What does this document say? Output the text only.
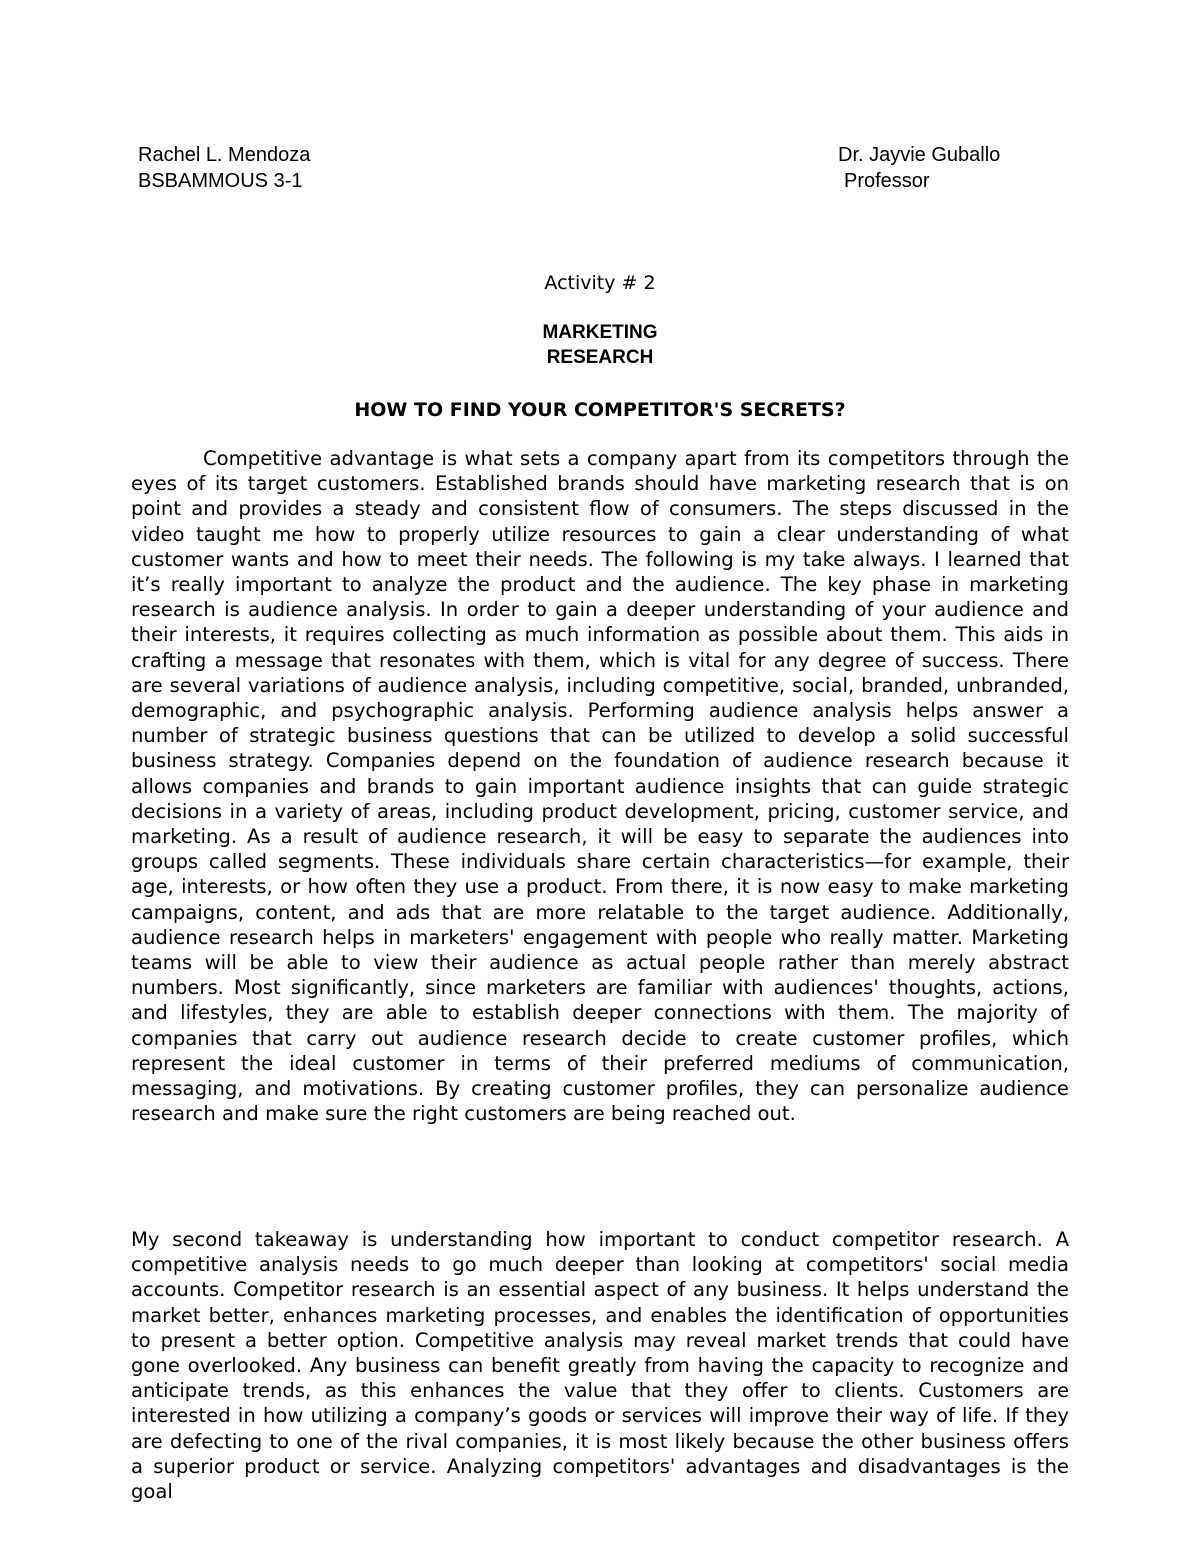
Rachel L. Mendoza
BSBAMMOUS 3-1
Dr. Jayvie Guballo
Professor
Activity # 2
MARKETING
RESEARCH
HOW TO FIND YOUR COMPETITOR'S SECRETS?

Competitive advantage is what sets a company apart from its competitors through the eyes of its target customers. Established brands should have marketing research that is on point and provides a steady and consistent flow of consumers. The steps discussed in the video taught me how to properly utilize resources to gain a clear understanding of what customer wants and how to meet their needs. The following is my take always. I learned that it’s really important to analyze the product and the audience. The key phase in marketing research is audience analysis. In order to gain a deeper understanding of your audience and their interests, it requires collecting as much information as possible about them. This aids in crafting a message that resonates with them, which is vital for any degree of success. There are several variations of audience analysis, including competitive, social, branded, unbranded, demographic, and psychographic analysis. Performing audience analysis helps answer a number of strategic business questions that can be utilized to develop a solid successful business strategy. Companies depend on the foundation of audience research because it allows companies and brands to gain important audience insights that can guide strategic decisions in a variety of areas, including product development, pricing, customer service, and marketing. As a result of audience research, it will be easy to separate the audiences into groups called segments. These individuals share certain characteristics—for example, their age, interests, or how often they use a product. From there, it is now easy to make marketing campaigns, content, and ads that are more relatable to the target audience. Additionally, audience research helps in marketers' engagement with people who really matter. Marketing teams will be able to view their audience as actual people rather than merely abstract numbers. Most significantly, since marketers are familiar with audiences' thoughts, actions, and lifestyles, they are able to establish deeper connections with them. The majority of companies that carry out audience research decide to create customer profiles, which represent the ideal customer in terms of their preferred mediums of communication, messaging, and motivations. By creating customer profiles, they can personalize audience research and make sure the right customers are being reached out.

My second takeaway is understanding how important to conduct competitor research. A competitive analysis needs to go much deeper than looking at competitors' social media accounts. Competitor research is an essential aspect of any business. It helps understand the market better, enhances marketing processes, and enables the identification of opportunities to present a better option. Competitive analysis may reveal market trends that could have gone overlooked. Any business can benefit greatly from having the capacity to recognize and anticipate trends, as this enhances the value that they offer to clients. Customers are interested in how utilizing a company’s goods or services will improve their way of life. If they are defecting to one of the rival companies, it is most likely because the other business offers a superior product or service. Analyzing competitors' advantages and disadvantages is the goal
